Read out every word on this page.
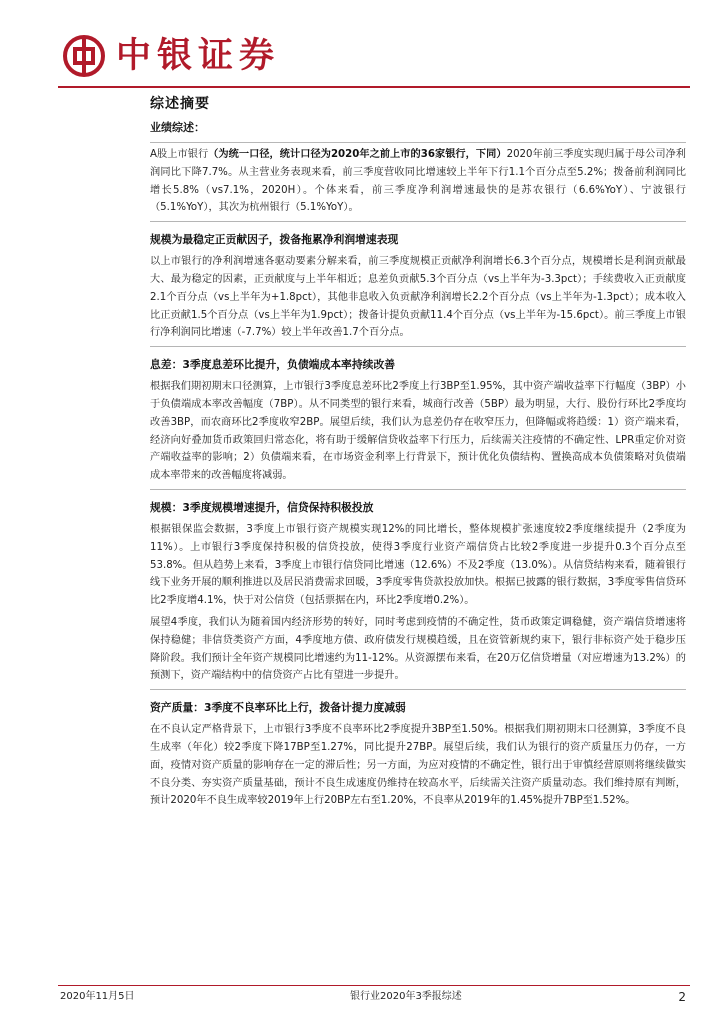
中银证券
综述摘要
业绩综述：

A股上市银行（为统一口径，统计口径为2020年之前上市的36家银行，下同）2020年前三季度实现归属于母公司净利润同比下降7.7%。从主营业务表现来看，前三季度营收同比增速较上半年下行1.1个百分点至5.2%；拨备前利润同比增长5.8%（vs7.1%，2020H）。个体来看，前三季度净利润增速最快的是苏农银行（6.6%YoY）、宁波银行（5.1%YoY），其次为杭州银行（5.1%YoY）。

规模为最稳定正贡献因子，拨备拖累净利润增速表现

以上市银行的净利润增速各驱动要素分解来看，前三季度规模正贡献净利润增长6.3个百分点，规模增长是利润贡献最大、最为稳定的因素，正贡献度与上半年相近；息差负贡献5.3个百分点（vs上半年为-3.3pct）；手续费收入正贡献度2.1个百分点（vs上半年为+1.8pct），其他非息收入负贡献净利润增长2.2个百分点（vs上半年为-1.3pct）；成本收入比正贡献1.5个百分点（vs上半年为1.9pct）；拨备计提负贡献11.4个百分点（vs上半年为-15.6pct）。前三季度上市银行净利润同比增速（-7.7%）较上半年改善1.7个百分点。

息差：3季度息差环比提升，负债端成本率持续改善

根据我们期初期末口径测算，上市银行3季度息差环比2季度上行3BP至1.95%，其中资产端收益率下行幅度（3BP）小于负债端成本率改善幅度（7BP）。从不同类型的银行来看，城商行改善（5BP）最为明显，大行、股份行环比2季度均改善3BP，而农商环比2季度收窄2BP。展望后续，我们认为息差仍存在收窄压力，但降幅或将趋缓：1）资产端来看，经济向好叠加货币政策回归常态化，将有助于缓解信贷收益率下行压力，后续需关注疫情的不确定性、LPR重定价对资产端收益率的影响；2）负债端来看，在市场资金利率上行背景下，预计优化负债结构、置换高成本负债策略对负债端成本率带来的改善幅度将减弱。

规模：3季度规模增速提升，信贷保持积极投放

根据银保监会数据，3季度上市银行资产规模实现12%的同比增长，整体规模扩张速度较2季度继续提升（2季度为11%）。上市银行3季度保持积极的信贷投放，使得3季度行业资产端信贷占比较2季度进一步提升0.3个百分点至53.8%。但从趋势上来看，3季度上市银行信贷同比增速（12.6%）不及2季度（13.0%）。从信贷结构来看，随着银行线下业务开展的顺利推进以及居民消费需求回暖，3季度零售贷款投放加快。根据已披露的银行数据，3季度零售信贷环比2季度增4.1%，快于对公信贷（包括票据在内，环比2季度增0.2%）。

展望4季度，我们认为随着国内经济形势的转好，同时考虑到疫情的不确定性，货币政策定调稳健，资产端信贷增速将保持稳健；非信贷类资产方面，4季度地方债、政府债发行规模趋缓，且在资管新规约束下，银行非标资产处于稳步压降阶段。我们预计全年资产规模同比增速约为11-12%。从资源摆布来看，在20万亿信贷增量（对应增速为13.2%）的预测下，资产端结构中的信贷资产占比有望进一步提升。

资产质量：3季度不良率环比上行，拨备计提力度减弱

在不良认定严格背景下，上市银行3季度不良率环比2季度提升3BP至1.50%。根据我们期初期末口径测算，3季度不良生成率（年化）较2季度下降17BP至1.27%，同比提升27BP。展望后续，我们认为银行的资产质量压力仍存，一方面，疫情对资产质量的影响存在一定的滞后性；另一方面，为应对疫情的不确定性，银行出于审慎经营原则将继续做实不良分类、夯实资产质量基础，预计不良生成速度仍维持在较高水平，后续需关注资产质量动态。我们维持原有判断，预计2020年不良生成率较2019年上行20BP左右至1.20%，不良率从2019年的1.45%提升7BP至1.52%。

2020年11月5日	银行业2020年3季报综述	2
